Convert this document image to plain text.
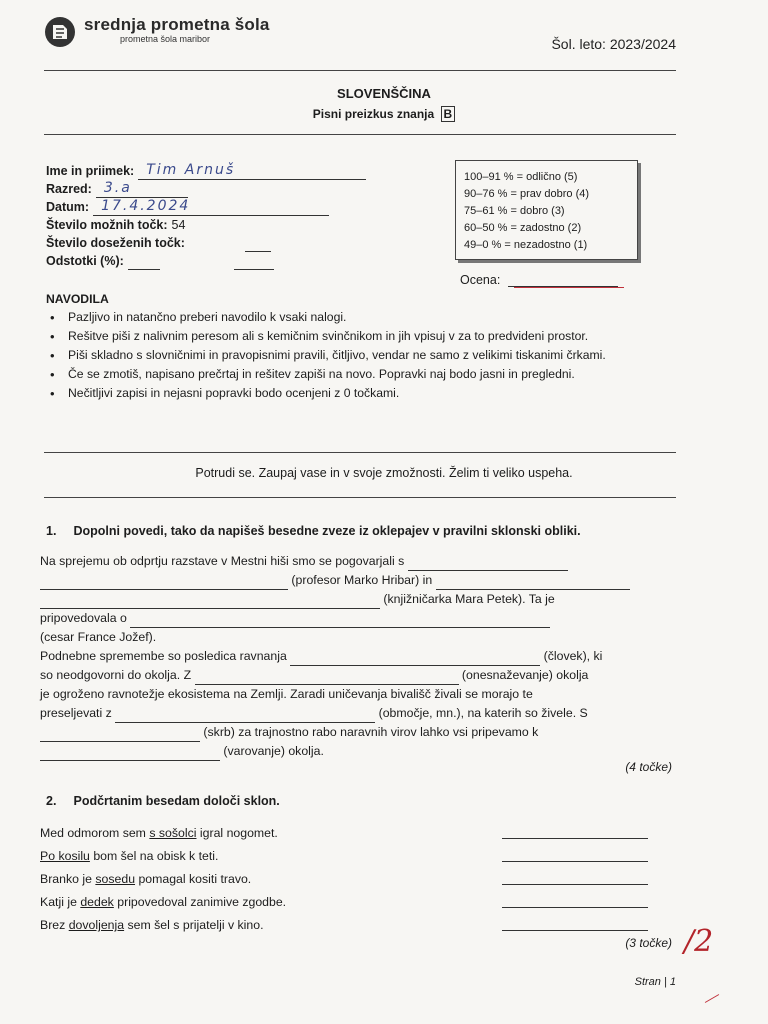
srednja prometna šola
prometna šola maribor	Šol. leto: 2023/2024
SLOVENŠČINA
Pisni preizkus znanja B
Ime in priimek: Tim Arnuš
Razred: 3.a
Datum: 17.4.2024
Število možnih točk: 54
Število doseženih točk:
Odstotki (%):
100–91 % = odlično (5)
90–76 % = prav dobro (4)
75–61 % = dobro (3)
60–50 % = zadostno (2)
49–0 % = nezadostno (1)
Ocena:
NAVODILA
• Pazljivo in natančno preberi navodilo k vsaki nalogi.
• Rešitve piši z nalivnim peresom ali s kemičnim svinčnikom in jih vpisuj v za to predvideni prostor.
• Piši skladno s slovničnimi in pravopisnimi pravili, čitljivo, vendar ne samo z velikimi tiskanimi črkami.
• Če se zmotiš, napisano prečrtaj in rešitev zapiši na novo. Popravki naj bodo jasni in pregledni.
• Nečitljivi zapisi in nejasni popravki bodo ocenjeni z 0 točkami.
Potrudi se. Zaupaj vase in v svoje zmožnosti. Želim ti veliko uspeha.
1. Dopolni povedi, tako da napišeš besedne zveze iz oklepajev v pravilni sklonski obliki.
Na sprejemu ob odprtju razstave v Mestni hiši smo se pogovarjali s
(profesor Marko Hribar) in
(knjižničarka Mara Petek). Ta je
pripovedovala o
(cesar France Jožef).
Podnebne spremembe so posledica ravnanja	(človek), ki
so neodgovorni do okolja. Z	(onesnaževanje) okolja
je ogroženo ravnotežje ekosistema na Zemlji. Zaradi uničevanja bivališč živali se morajo te
preseljevati z	(območje, mn.), na katerih so živele. S
(skrb) za trajnostno rabo naravnih virov lahko vsi pripevamo k
(varovanje) okolja.
(4 točke)
2. Podčrtanim besedam določi sklon.
Med odmorom sem s sošolci igral nogomet.
Po kosilu bom šel na obisk k teti.
Branko je sosedu pomagal kositi travo.
Katji je dedek pripovedoval zanimive zgodbe.
Brez dovoljenja sem šel s prijatelji v kino.
(3 točke) /2
Stran | 1
